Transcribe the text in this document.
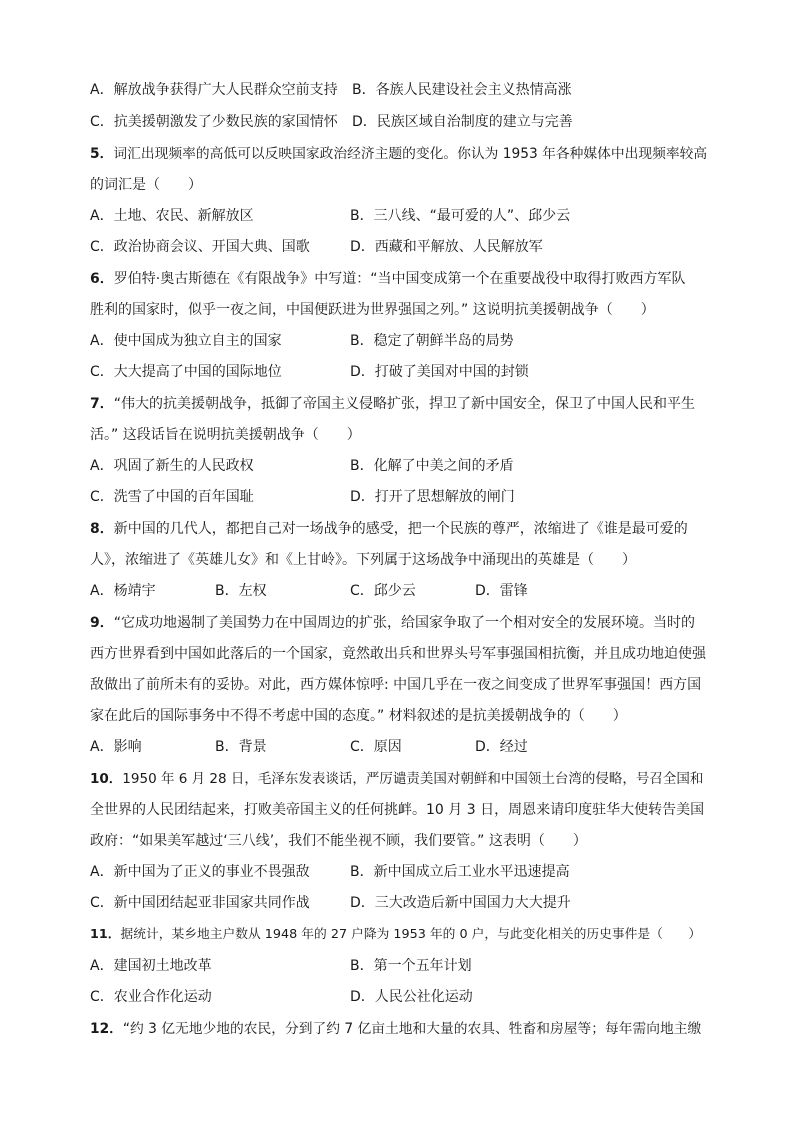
A．解放战争获得广大人民群众空前支持 B．各族人民建设社会主义热情高涨
C．抗美援朝激发了少数民族的家国情怀 D．民族区域自治制度的建立与完善
5．词汇出现频率的高低可以反映国家政治经济主题的变化。你认为 1953 年各种媒体中出现频率较高
的词汇是（　　）
A．土地、农民、新解放区	B．三八线、“最可爱的人”、邱少云
C．政治协商会议、开国大典、国歌	D．西藏和平解放、人民解放军
6．罗伯特·奥古斯德在《有限战争》中写道：“当中国变成第一个在重要战役中取得打败西方军队
胜利的国家时，似乎一夜之间，中国便跃进为世界强国之列。” 这说明抗美援朝战争（　　）
A．使中国成为独立自主的国家	B．稳定了朝鲜半岛的局势
C．大大提高了中国的国际地位	D．打破了美国对中国的封锁
7．“伟大的抗美援朝战争，抵御了帝国主义侵略扩张，捍卫了新中国安全，保卫了中国人民和平生
活。” 这段话旨在说明抗美援朝战争（　　）
A．巩固了新生的人民政权	B．化解了中美之间的矛盾
C．洗雪了中国的百年国耻	D．打开了思想解放的闸门
8．新中国的几代人，都把自己对一场战争的感受，把一个民族的尊严，浓缩进了《谁是最可爱的
人》，浓缩进了《英雄儿女》和《上甘岭》。下列属于这场战争中涌现出的英雄是（　　）
A．杨靖宇	B．左权	C．邱少云	D．雷锋
9．“它成功地遏制了美国势力在中国周边的扩张，给国家争取了一个相对安全的发展环境。当时的
西方世界看到中国如此落后的一个国家，竟然敢出兵和世界头号军事强国相抗衡，并且成功地迫使强
敌做出了前所未有的妥协。对此，西方媒体惊呼: 中国几乎在一夜之间变成了世界军事强国！西方国
家在此后的国际事务中不得不考虑中国的态度。” 材料叙述的是抗美援朝战争的（　　）
A．影响	B．背景	C．原因	D．经过
10．1950 年 6 月 28 日，毛泽东发表谈话，严厉谴责美国对朝鲜和中国领土台湾的侵略，号召全国和
全世界的人民团结起来，打败美帝国主义的任何挑衅。10 月 3 日，周恩来请印度驻华大使转告美国
政府：“如果美军越过‘三八线’，我们不能坐视不顾，我们要管。” 这表明（　　）
A．新中国为了正义的事业不畏强敌	B．新中国成立后工业水平迅速提高
C．新中国团结起亚非国家共同作战	D．三大改造后新中国国力大大提升
11．据统计，某乡地主户数从 1948 年的 27 户降为 1953 年的 0 户，与此变化相关的历史事件是（　　）
A．建国初土地改革	B．第一个五年计划
C．农业合作化运动	D．人民公社化运动
12．“约 3 亿无地少地的农民，分到了约 7 亿亩土地和大量的农具、牲畜和房屋等；每年需向地主缴
